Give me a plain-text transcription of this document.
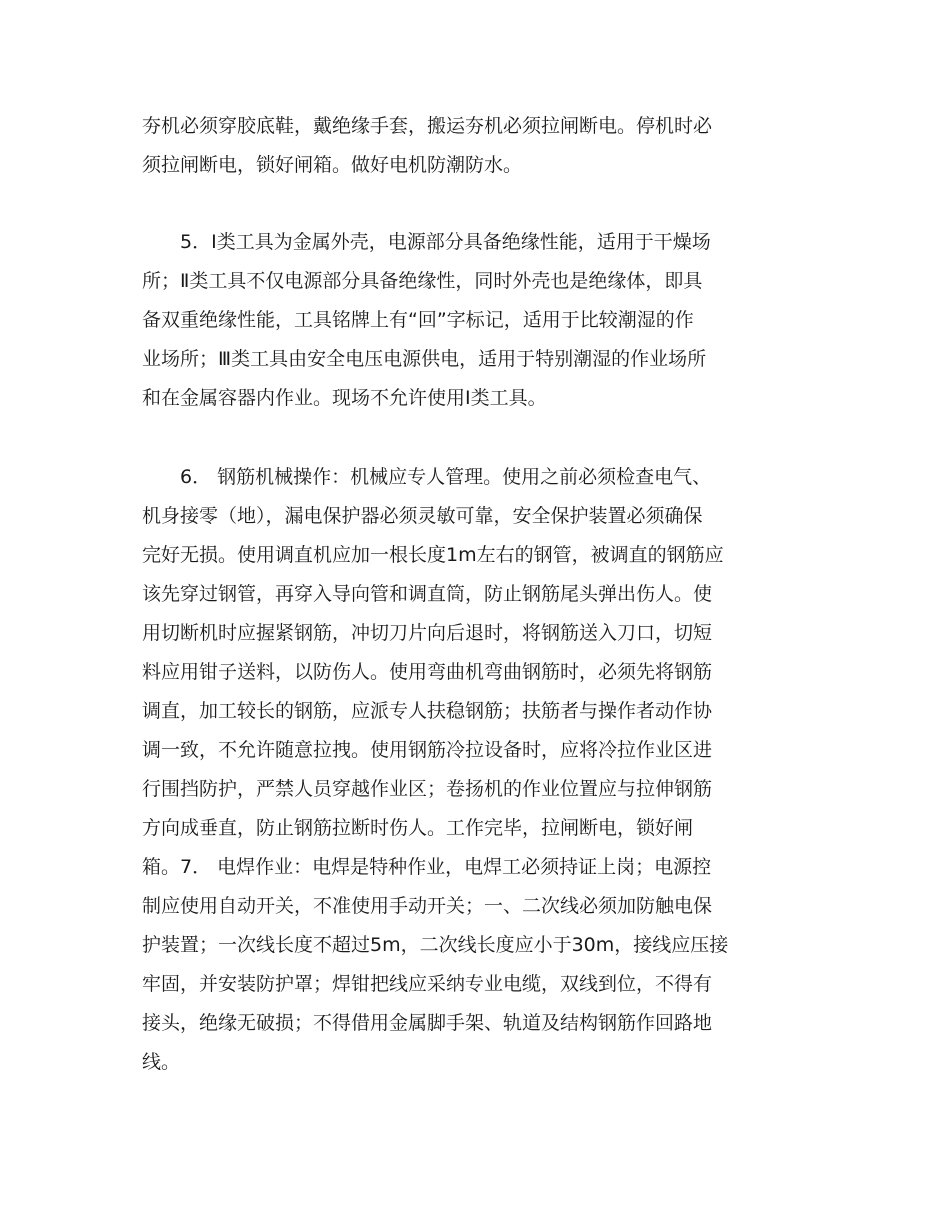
夯机必须穿胶底鞋，戴绝缘手套，搬运夯机必须拉闸断电。停机时必
须拉闸断电，锁好闸箱。做好电机防潮防水。
5．Ⅰ类工具为金属外壳，电源部分具备绝缘性能，适用于干燥场
所；Ⅱ类工具不仅电源部分具备绝缘性，同时外壳也是绝缘体，即具
备双重绝缘性能，工具铭牌上有“回”字标记，适用于比较潮湿的作
业场所；Ⅲ类工具由安全电压电源供电，适用于特别潮湿的作业场所
和在金属容器内作业。现场不允许使用Ⅰ类工具。
6． 钢筋机械操作：机械应专人管理。使用之前必须检查电气、
机身接零（地），漏电保护器必须灵敏可靠，安全保护装置必须确保
完好无损。使用调直机应加一根长度1m左右的钢管，被调直的钢筋应
该先穿过钢管，再穿入导向管和调直筒，防止钢筋尾头弹出伤人。使
用切断机时应握紧钢筋，冲切刀片向后退时，将钢筋送入刀口，切短
料应用钳子送料，以防伤人。使用弯曲机弯曲钢筋时，必须先将钢筋
调直，加工较长的钢筋，应派专人扶稳钢筋；扶筋者与操作者动作协
调一致，不允许随意拉拽。使用钢筋冷拉设备时，应将冷拉作业区进
行围挡防护，严禁人员穿越作业区；卷扬机的作业位置应与拉伸钢筋
方向成垂直，防止钢筋拉断时伤人。工作完毕，拉闸断电，锁好闸
箱。 7． 电焊作业：电焊是特种作业，电焊工必须持证上岗；电源控
制应使用自动开关，不准使用手动开关；一、二次线必须加防触电保
护装置；一次线长度不超过5m，二次线长度应小于30m，接线应压接
牢固，并安装防护罩；焊钳把线应采纳专业电缆，双线到位，不得有
接头，绝缘无破损；不得借用金属脚手架、轨道及结构钢筋作回路地
线。
